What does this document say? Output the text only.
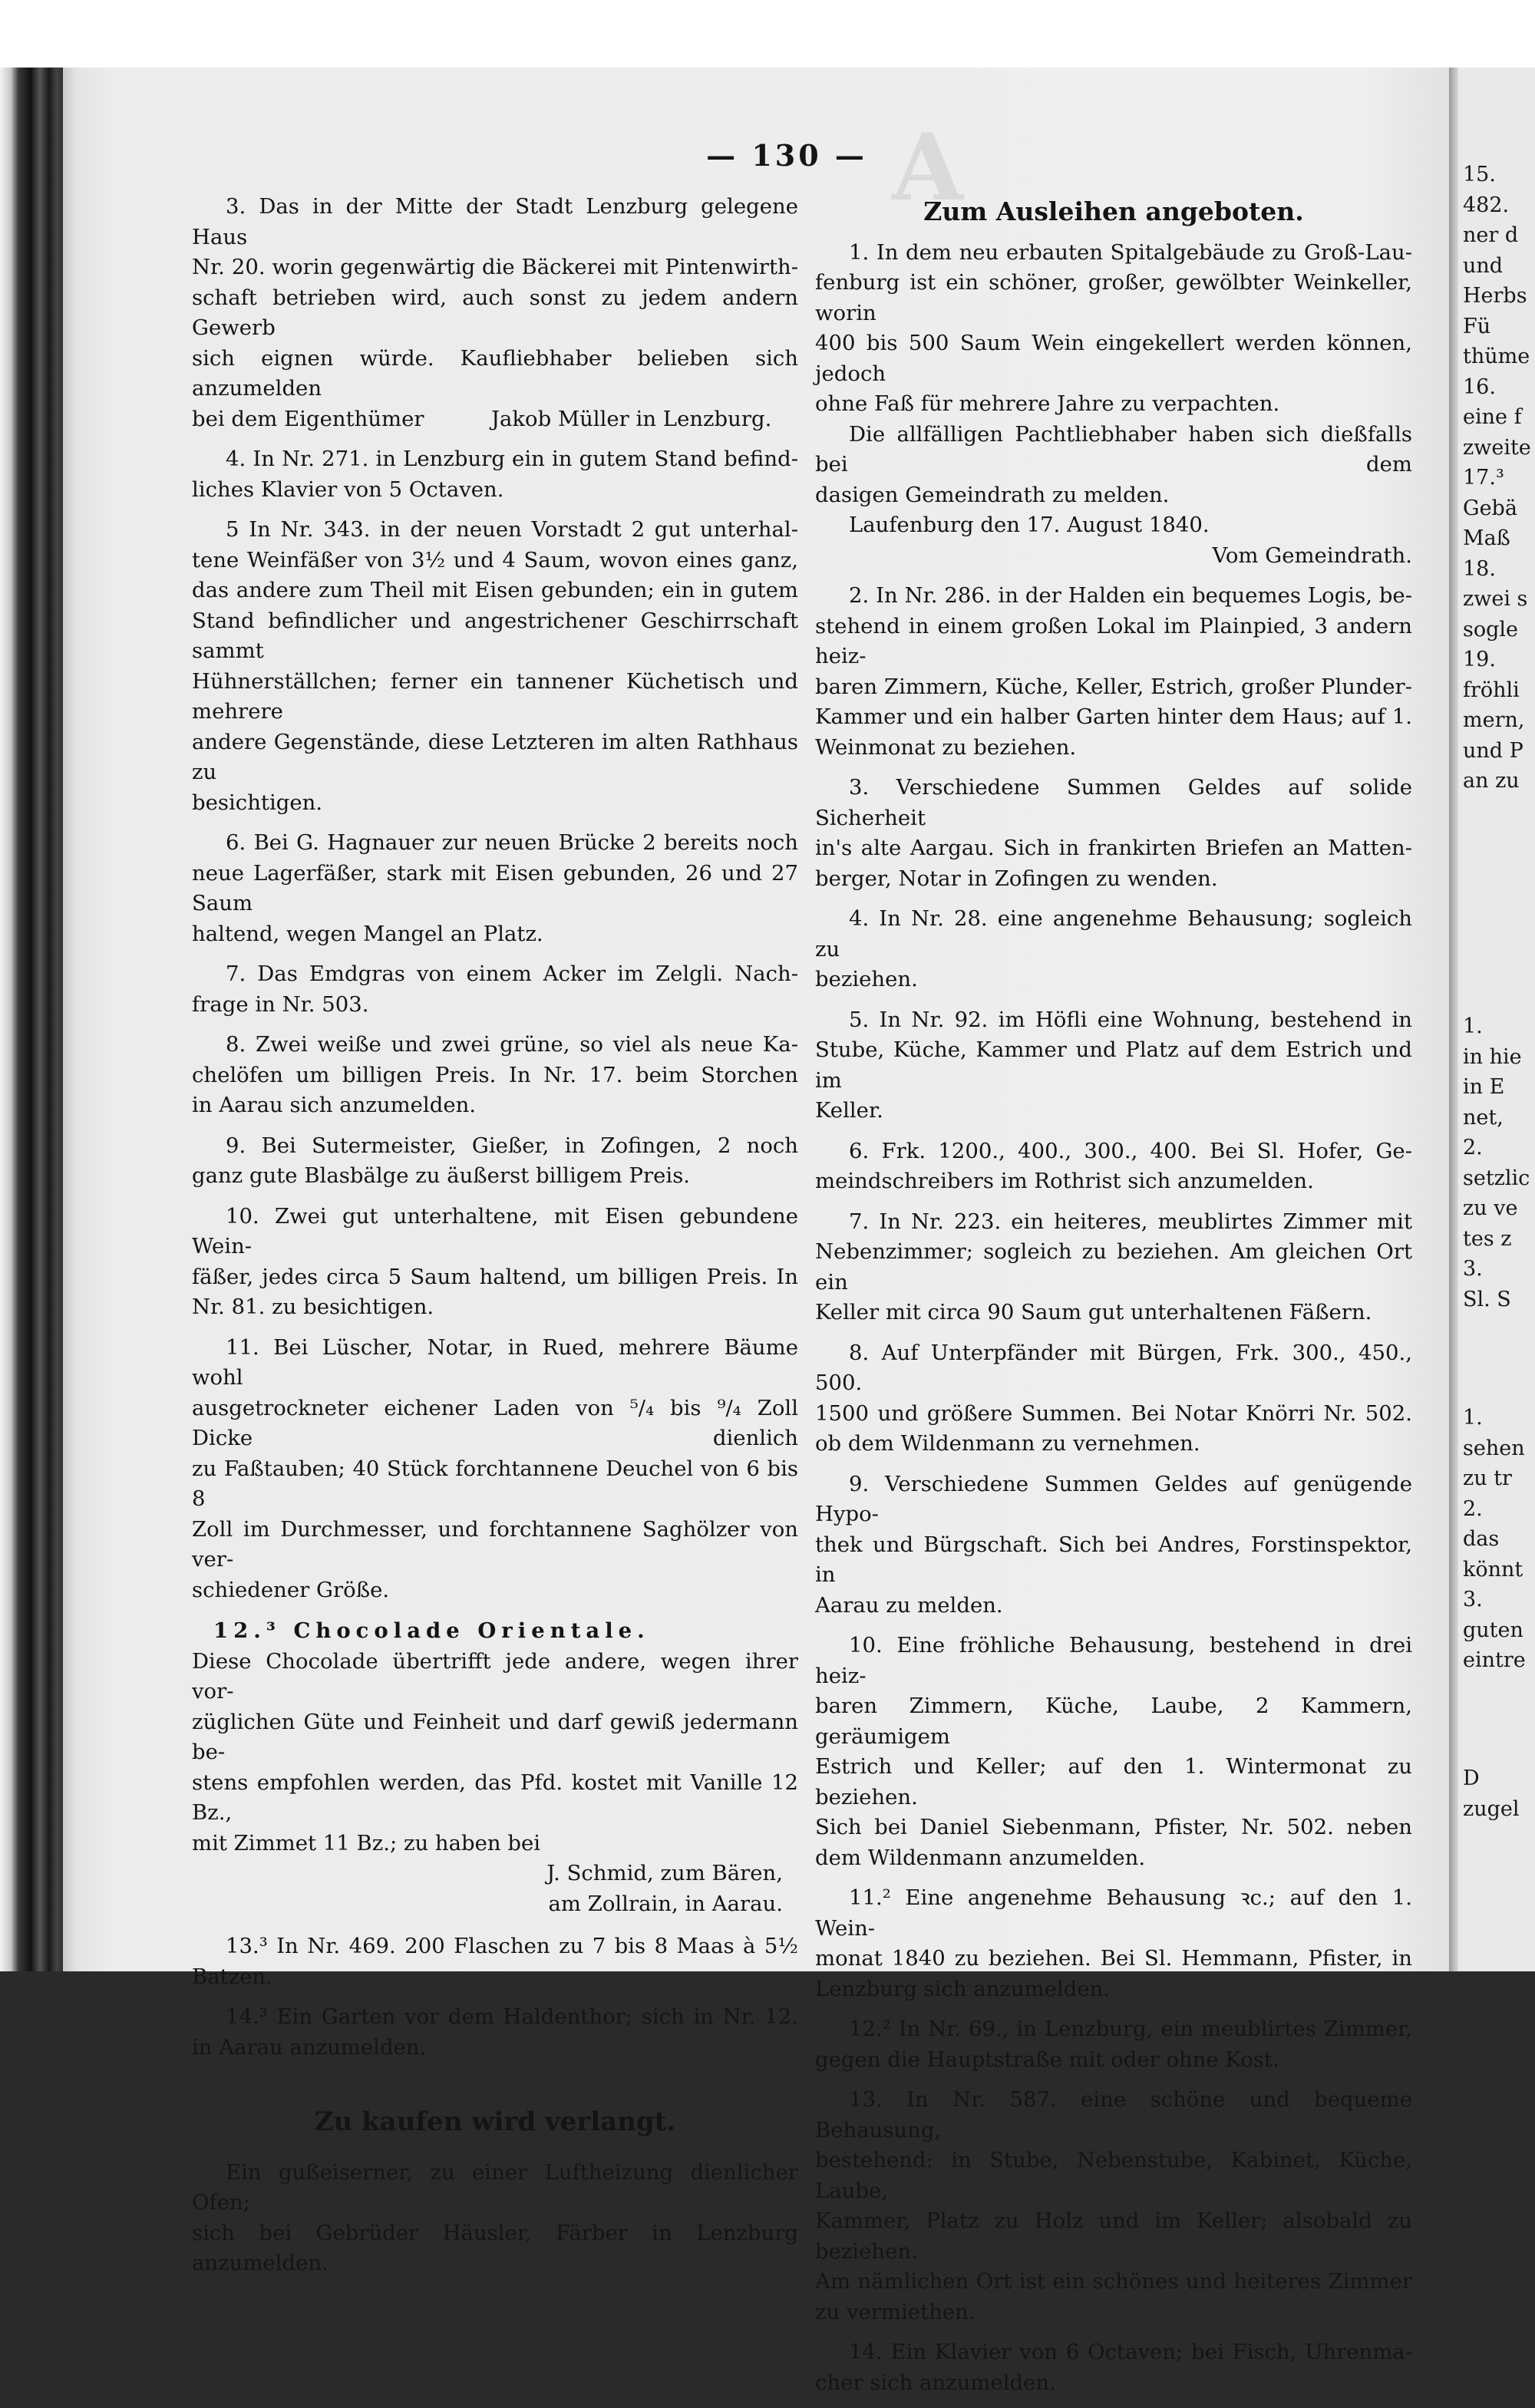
A	15.

482.

ner d

und

Herbs

Fü

thüme

16.

eine f

zweite

17.³

Gebä

Maß

18.

zwei s

sogle

19.

fröhli

mern,

und P

an zu

1.

in hie

in E

net,

2.

setzlic

zu ve

tes z

3.

Sl. S

1.

sehen

zu tr

2.

das

könnt

3.

guten

eintre

D

zugel

— 130 —

3. Das in der Mitte der Stadt Lenzburg gelegene Haus

Nr. 20. worin gegenwärtig die Bäckerei mit Pintenwirth-

schaft betrieben wird, auch sonst zu jedem andern Gewerb

sich eignen würde. Kaufliebhaber belieben sich anzumelden

bei dem Eigenthümer          Jakob Müller in Lenzburg.

4. In Nr. 271. in Lenzburg ein in gutem Stand befind-

liches Klavier von 5 Octaven.

5 In Nr. 343. in der neuen Vorstadt 2 gut unterhal-

tene Weinfäßer von 3½ und 4 Saum, wovon eines ganz,

das andere zum Theil mit Eisen gebunden; ein in gutem

Stand befindlicher und angestrichener Geschirrschaft sammt

Hühnerställchen; ferner ein tannener Küchetisch und mehrere

andere Gegenstände, diese Letzteren im alten Rathhaus zu

besichtigen.

6. Bei G. Hagnauer zur neuen Brücke 2 bereits noch

neue Lagerfäßer, stark mit Eisen gebunden, 26 und 27 Saum

haltend, wegen Mangel an Platz.

7. Das Emdgras von einem Acker im Zelgli. Nach-

frage in Nr. 503.

8. Zwei weiße und zwei grüne, so viel als neue Ka-

chelöfen um billigen Preis. In Nr. 17. beim Storchen

in Aarau sich anzumelden.

9. Bei Sutermeister, Gießer, in Zofingen, 2 noch

ganz gute Blasbälge zu äußerst billigem Preis.

10. Zwei gut unterhaltene, mit Eisen gebundene Wein-

fäßer, jedes circa 5 Saum haltend, um billigen Preis. In

Nr. 81. zu besichtigen.

11. Bei Lüscher, Notar, in Rued, mehrere Bäume wohl

ausgetrockneter eichener Laden von ⁵/₄ bis ⁹/₄ Zoll Dicke dienlich

zu Faßtauben; 40 Stück forchtannene Deuchel von 6 bis 8

Zoll im Durchmesser, und forchtannene Saghölzer von ver-

schiedener Größe.

12.³ Chocolade Orientale.

Diese Chocolade übertrifft jede andere, wegen ihrer vor-

züglichen Güte und Feinheit und darf gewiß jedermann be-

stens empfohlen werden, das Pfd. kostet mit Vanille 12 Bz.,

mit Zimmet 11 Bz.; zu haben bei

J. Schmid, zum Bären,

am Zollrain, in Aarau.

13.³ In Nr. 469. 200 Flaschen zu 7 bis 8 Maas à 5½

Batzen.

14.³ Ein Garten vor dem Haldenthor; sich in Nr. 12.

in Aarau anzumelden.

Zu kaufen wird verlangt.

Ein gußeiserner, zu einer Luftheizung dienlicher Ofen;

sich bei Gebrüder Häusler, Färber in Lenzburg anzumelden.

Zum Ausleihen angeboten.

1. In dem neu erbauten Spitalgebäude zu Groß-Lau-

fenburg ist ein schöner, großer, gewölbter Weinkeller, worin

400 bis 500 Saum Wein eingekellert werden können, jedoch

ohne Faß für mehrere Jahre zu verpachten.

Die allfälligen Pachtliebhaber haben sich dießfalls bei dem

dasigen Gemeindrath zu melden.

Laufenburg den 17. August 1840.

Vom Gemeindrath.

2. In Nr. 286. in der Halden ein bequemes Logis, be-

stehend in einem großen Lokal im Plainpied, 3 andern heiz-

baren Zimmern, Küche, Keller, Estrich, großer Plunder-

Kammer und ein halber Garten hinter dem Haus; auf 1.

Weinmonat zu beziehen.

3. Verschiedene Summen Geldes auf solide Sicherheit

in's alte Aargau. Sich in frankirten Briefen an Matten-

berger, Notar in Zofingen zu wenden.

4. In Nr. 28. eine angenehme Behausung; sogleich zu

beziehen.

5. In Nr. 92. im Höfli eine Wohnung, bestehend in

Stube, Küche, Kammer und Platz auf dem Estrich und im

Keller.

6. Frk. 1200., 400., 300., 400. Bei Sl. Hofer, Ge-

meindschreibers im Rothrist sich anzumelden.

7. In Nr. 223. ein heiteres, meublirtes Zimmer mit

Nebenzimmer; sogleich zu beziehen. Am gleichen Ort ein

Keller mit circa 90 Saum gut unterhaltenen Fäßern.

8. Auf Unterpfänder mit Bürgen, Frk. 300., 450., 500.

1500 und größere Summen. Bei Notar Knörri Nr. 502.

ob dem Wildenmann zu vernehmen.

9. Verschiedene Summen Geldes auf genügende Hypo-

thek und Bürgschaft. Sich bei Andres, Forstinspektor, in

Aarau zu melden.

10. Eine fröhliche Behausung, bestehend in drei heiz-

baren Zimmern, Küche, Laube, 2 Kammern, geräumigem

Estrich und Keller; auf den 1. Wintermonat zu beziehen.

Sich bei Daniel Siebenmann, Pfister, Nr. 502. neben

dem Wildenmann anzumelden.

11.² Eine angenehme Behausung ꝛc.; auf den 1. Wein-

monat 1840 zu beziehen. Bei Sl. Hemmann, Pfister, in

Lenzburg sich anzumelden.

12.² In Nr. 69., in Lenzburg, ein meublirtes Zimmer,

gegen die Hauptstraße mit oder ohne Kost.

13. In Nr. 587. eine schöne und bequeme Behausung,

bestehend: in Stube, Nebenstube, Kabinet, Küche, Laube,

Kammer, Platz zu Holz und im Keller; alsobald zu beziehen.

Am nämlichen Ort ist ein schönes und heiteres Zimmer

zu vermiethen.

14. Ein Klavier von 6 Octaven; bei Fisch, Uhrenma-

cher sich anzumelden.
